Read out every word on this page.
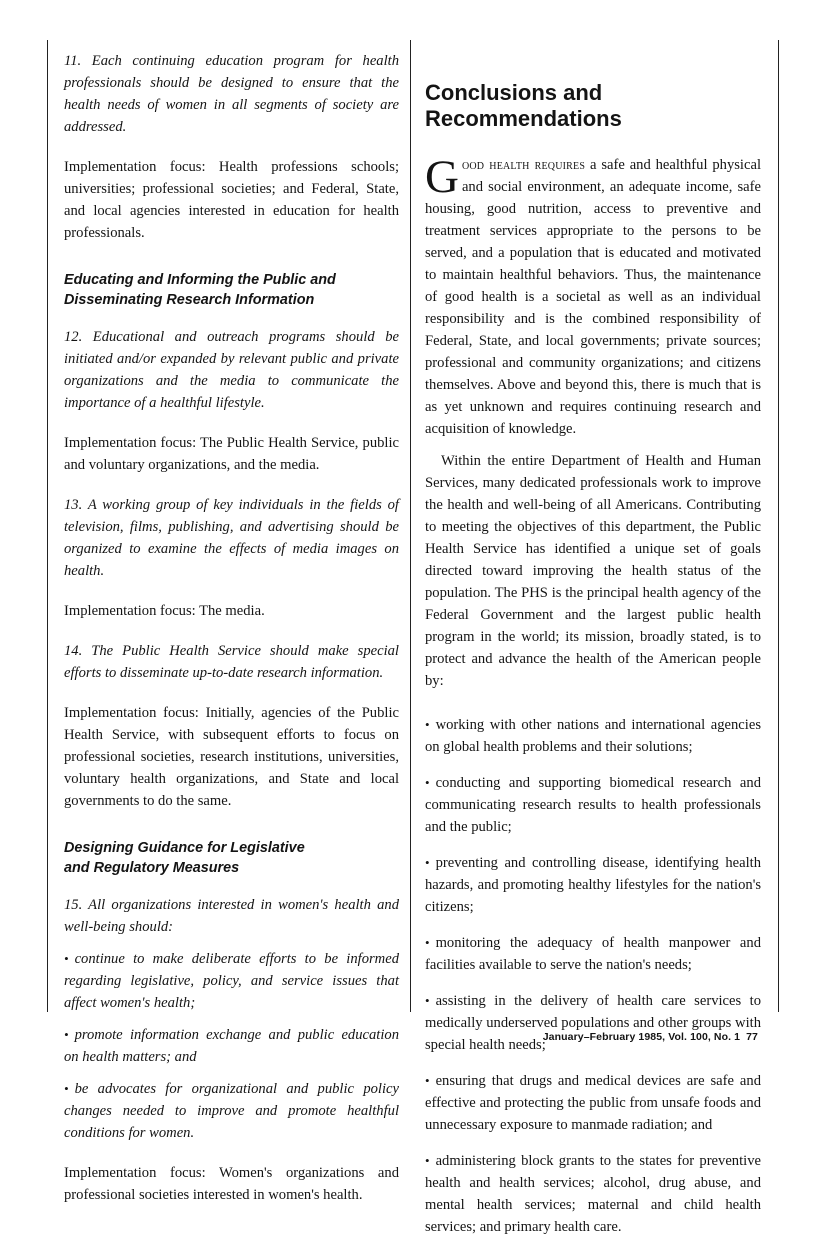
11. Each continuing education program for health professionals should be designed to ensure that the health needs of women in all segments of society are addressed.

Implementation focus: Health professions schools; universities; professional societies; and Federal, State, and local agencies interested in education for health professionals.

Educating and Informing the Public and
Disseminating Research Information

12. Educational and outreach programs should be initiated and/or expanded by relevant public and private organizations and the media to communicate the importance of a healthful lifestyle.

Implementation focus: The Public Health Service, public and voluntary organizations, and the media.

13. A working group of key individuals in the fields of television, films, publishing, and advertising should be organized to examine the effects of media images on health.

Implementation focus: The media.

14. The Public Health Service should make special efforts to disseminate up-to-date research information.

Implementation focus: Initially, agencies of the Public Health Service, with subsequent efforts to focus on professional societies, research institutions, universities, voluntary health organizations, and State and local governments to do the same.

Designing Guidance for Legislative
and Regulatory Measures

15. All organizations interested in women's health and well-being should:

• continue to make deliberate efforts to be informed regarding legislative, policy, and service issues that affect women's health;

• promote information exchange and public education on health matters; and

• be advocates for organizational and public policy changes needed to improve and promote healthful conditions for women.

Implementation focus: Women's organizations and professional societies interested in women's health.

Conclusions and
Recommendations

Good health requires a safe and healthful physical and social environment, an adequate income, safe housing, good nutrition, access to preventive and treatment services appropriate to the persons to be served, and a population that is educated and motivated to maintain healthful behaviors. Thus, the maintenance of good health is a societal as well as an individual responsibility and is the combined responsibility of Federal, State, and local governments; private sources; professional and community organizations; and citizens themselves. Above and beyond this, there is much that is as yet unknown and requires continuing research and acquisition of knowledge.

Within the entire Department of Health and Human Services, many dedicated professionals work to improve the health and well-being of all Americans. Contributing to meeting the objectives of this department, the Public Health Service has identified a unique set of goals directed toward improving the health status of the population. The PHS is the principal health agency of the Federal Government and the largest public health program in the world; its mission, broadly stated, is to protect and advance the health of the American people by:

• working with other nations and international agencies on global health problems and their solutions;

• conducting and supporting biomedical research and communicating research results to health professionals and the public;

• preventing and controlling disease, identifying health hazards, and promoting healthy lifestyles for the nation's citizens;

• monitoring the adequacy of health manpower and facilities available to serve the nation's needs;

• assisting in the delivery of health care services to medically underserved populations and other groups with special health needs;

• ensuring that drugs and medical devices are safe and effective and protecting the public from unsafe foods and unnecessary exposure to manmade radiation; and

• administering block grants to the states for preventive health and health services; alcohol, drug abuse, and mental health services; maternal and child health services; and primary health care.

January–February 1985, Vol. 100, No. 1 77
